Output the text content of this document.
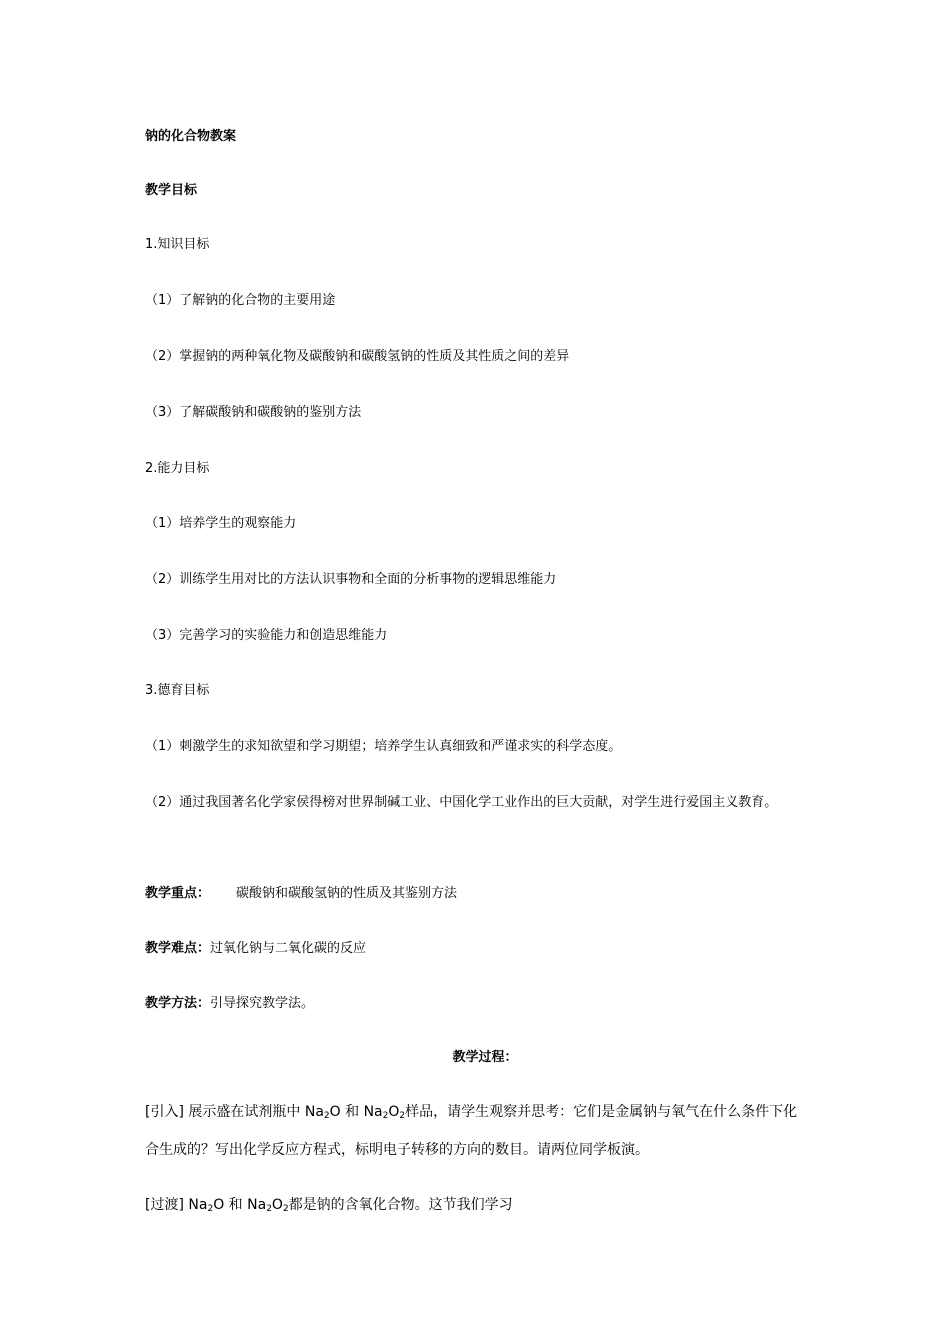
钠的化合物教案
教学目标
1.知识目标
（1）了解钠的化合物的主要用途
（2）掌握钠的两种氧化物及碳酸钠和碳酸氢钠的性质及其性质之间的差异
（3）了解碳酸钠和碳酸钠的鉴别方法
2.能力目标
（1）培养学生的观察能力
（2）训练学生用对比的方法认识事物和全面的分析事物的逻辑思维能力
（3）完善学习的实验能力和创造思维能力
3.德育目标
（1）刺激学生的求知欲望和学习期望；培养学生认真细致和严谨求实的科学态度。
（2）通过我国著名化学家侯得榜对世界制碱工业、中国化学工业作出的巨大贡献，对学生进行爱国主义教育。
教学重点： 碳酸钠和碳酸氢钠的性质及其鉴别方法
教学难点：过氧化钠与二氧化碳的反应
教学方法：引导探究教学法。
教学过程：
[引入] 展示盛在试剂瓶中 $Na_2O$ 和 $Na_2O_2$样品，请学生观察并思考：它们是金属钠与氧气在什么条件下化
合生成的？写出化学反应方程式，标明电子转移的方向的数目。请两位同学板演。
[过渡] $Na_2O$ 和 $Na_2O_2$都是钠的含氧化合物。这节我们学习
